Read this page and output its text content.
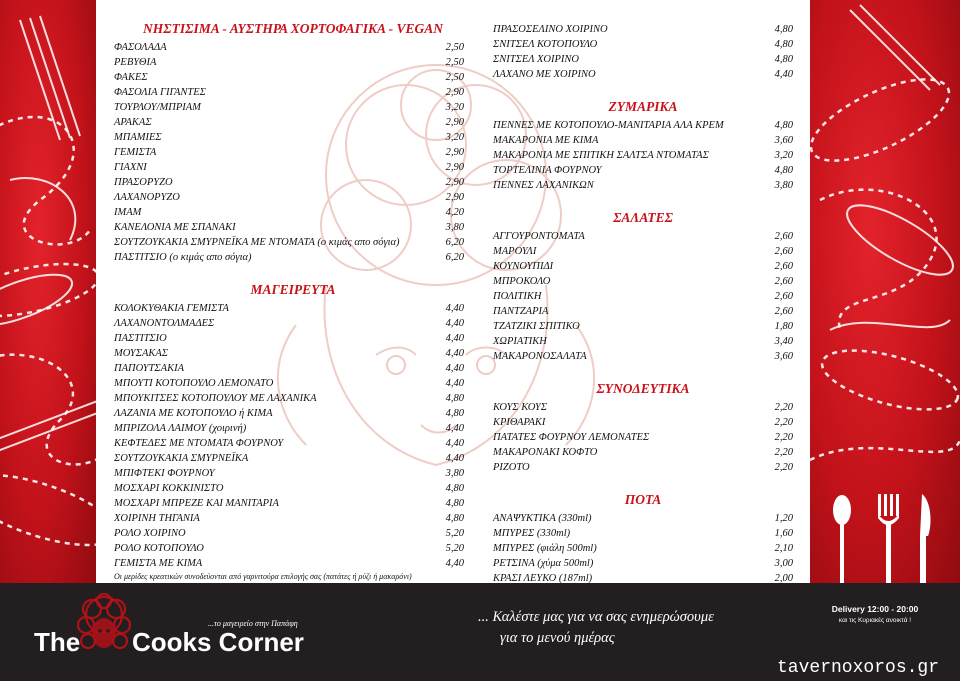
ΝΗΣΤΙΣΙΜΑ - ΑΥΣΤΗΡΑ ΧΟΡΤΟΦΑΓΙΚΑ - VEGAN
ΦΑΣΟΛΑΔΑ	2,50
ΡΕΒΥΘΙΑ	2,50
ΦΑΚΕΣ	2,50
ΦΑΣΟΛΙΑ ΓΙΓΑΝΤΕΣ	2,90
ΤΟΥΡΛΟΥ/ΜΠΡΙΑΜ	3,20
ΑΡΑΚΑΣ	2,90
ΜΠΑΜΙΕΣ	3,20
ΓΕΜΙΣΤΑ	2,90
ΓΙΑΧΝΙ	2,90
ΠΡΑΣΟΡΥΖΟ	2,90
ΛΑΧΑΝΟΡΥΖΟ	2,90
ΙΜΑΜ	4,20
ΚΑΝΕΛΟΝΙΑ ΜΕ ΣΠΑΝΑΚΙ	3,80
ΣΟΥΤΖΟΥΚΑΚΙΑ ΣΜΥΡΝΕΪΚΑ ΜΕ ΝΤΟΜΑΤΑ (ο κιμάς απο σόγια)	6,20
ΠΑΣΤΙΤΣΙΟ (ο κιμάς απο σόγια)	6,20
ΜΑΓΕΙΡΕΥΤΑ
ΚΟΛΟΚΥΘΑΚΙΑ ΓΕΜΙΣΤΑ	4,40
ΛΑΧΑΝΟΝΤΟΛΜΑΔΕΣ	4,40
ΠΑΣΤΙΤΣΙΟ	4,40
ΜΟΥΣΑΚΑΣ	4,40
ΠΑΠΟΥΤΣΑΚΙΑ	4,40
ΜΠΟΥΤΙ ΚΟΤΟΠΟΥΛΟ ΛΕΜΟΝΑΤΟ	4,40
ΜΠΟΥΚΙΤΣΕΣ ΚΟΤΟΠΟΥΛΟΥ ΜΕ ΛΑΧΑΝΙΚΑ	4,80
ΛΑΖΑΝΙΑ ΜΕ ΚΟΤΟΠΟΥΛΟ ή ΚΙΜΑ	4,80
ΜΠΡΙΖΟΛΑ ΛΑΙΜΟΥ (χοιρινή)	4,40
ΚΕΦΤΕΔΕΣ ΜΕ ΝΤΟΜΑΤΑ ΦΟΥΡΝΟΥ	4,40
ΣΟΥΤΖΟΥΚΑΚΙΑ ΣΜΥΡΝΕΪΚΑ	4,40
ΜΠΙΦΤΕΚΙ ΦΟΥΡΝΟΥ	3,80
ΜΟΣΧΑΡΙ ΚΟΚΚΙΝΙΣΤΟ	4,80
ΜΟΣΧΑΡΙ ΜΠΡΕΖΕ ΚΑΙ ΜΑΝΙΤΑΡΙΑ	4,80
ΧΟΙΡΙΝΗ ΤΗΓΑΝΙΑ	4,80
ΡΟΛΟ ΧΟΙΡΙΝΟ	5,20
ΡΟΛΟ ΚΟΤΟΠΟΥΛΟ	5,20
ΓΕΜΙΣΤΑ ΜΕ ΚΙΜΑ	4,40
Οι μερίδες κρεατικών συνοδεύονται από γαρνιτούρα επιλογής σας (πατάτες ή ρύζι ή μακαρόνι)
ΠΡΑΣΟΣΕΛΙΝΟ ΧΟΙΡΙΝΟ	4,80
ΣΝΙΤΣΕΛ ΚΟΤΟΠΟΥΛΟ	4,80
ΣΝΙΤΣΕΛ ΧΟΙΡΙΝΟ	4,80
ΛΑΧΑΝΟ ΜΕ ΧΟΙΡΙΝΟ	4,40
ΖΥΜΑΡΙΚΑ
ΠΕΝΝΕΣ ΜΕ ΚΟΤΟΠΟΥΛΟ-ΜΑΝΙΤΑΡΙΑ ΑΛΑ ΚΡΕΜ	4,80
ΜΑΚΑΡΟΝΙΑ ΜΕ ΚΙΜΑ	3,60
ΜΑΚΑΡΟΝΙΑ ΜΕ ΣΠΙΤΙΚΗ ΣΑΛΤΣΑ ΝΤΟΜΑΤΑΣ	3,20
ΤΟΡΤΕΛΙΝΙΑ ΦΟΥΡΝΟΥ	4,80
ΠΕΝΝΕΣ ΛΑΧΑΝΙΚΩΝ	3,80
ΣΑΛΑΤΕΣ
ΑΓΓΟΥΡΟΝΤΟΜΑΤΑ	2,60
ΜΑΡΟΥΛΙ	2,60
ΚΟΥΝΟΥΠΙΔΙ	2,60
ΜΠΡΟΚΟΛΟ	2,60
ΠΟΛΙΤΙΚΗ	2,60
ΠΑΝΤΖΑΡΙΑ	2,60
ΤΖΑΤΖΙΚΙ ΣΠΙΤΙΚΟ	1,80
ΧΩΡΙΑΤΙΚΗ	3,40
ΜΑΚΑΡΟΝΟΣΑΛΑΤΑ	3,60
ΣΥΝΟΔΕΥΤΙΚΑ
ΚΟΥΣ ΚΟΥΣ	2,20
ΚΡΙΘΑΡΑΚΙ	2,20
ΠΑΤΑΤΕΣ ΦΟΥΡΝΟΥ ΛΕΜΟΝΑΤΕΣ	2,20
ΜΑΚΑΡΟΝΑΚΙ ΚΟΦΤΟ	2,20
ΡΙΖΟΤΟ	2,20
ΠΟΤΑ
ΑΝΑΨΥΚΤΙΚΑ (330ml)	1,20
ΜΠΥΡΕΣ (330ml)	1,60
ΜΠΥΡΕΣ (φιάλη 500ml)	2,10
ΡΕΤΣΙΝΑ (χύμα 500ml)	3,00
ΚΡΑΣΙ ΛΕΥΚΟ (187ml)	2,00
...το μαγειρείο στην Παπάφη
The Cooks Corner
... Καλέστε μας για να σας ενημερώσουμε
για το μενού ημέρας
Delivery 12:00 - 20:00
και τις Κυριακές ανοικτά !
tavernoxoros.gr
